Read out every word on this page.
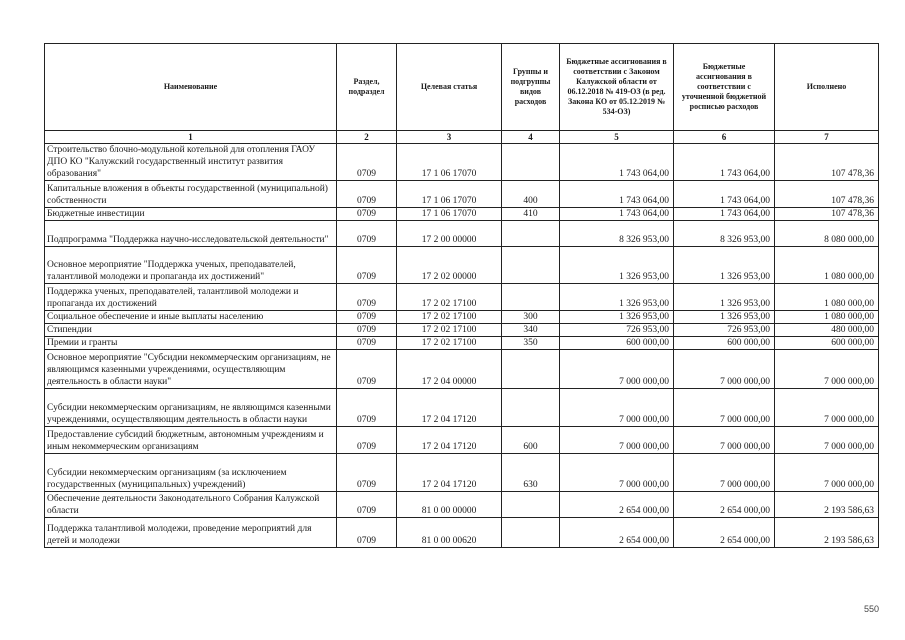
Наименование	Раздел, подраздел	Целевая статья	Группы и подгруппы видов расходов	Бюджетные ассигнования в соответствии с Законом Калужской области от 06.12.2018 № 419-ОЗ (в ред. Закона КО от 05.12.2019 № 534-ОЗ)	Бюджетные ассигнования в соответствии с уточненной бюджетной росписью расходов	Исполнено
1	2	3	4	5	6	7
Строительство блочно-модульной котельной для отопления ГАОУ ДПО КО "Калужский государственный институт развития образования"	0709	17 1 06 17070		1 743 064,00	1 743 064,00	107 478,36
Капитальные вложения в объекты государственной (муниципальной) собственности	0709	17 1 06 17070	400	1 743 064,00	1 743 064,00	107 478,36
Бюджетные инвестиции	0709	17 1 06 17070	410	1 743 064,00	1 743 064,00	107 478,36
Подпрограмма "Поддержка научно-исследовательской деятельности"	0709	17 2 00 00000		8 326 953,00	8 326 953,00	8 080 000,00
Основное мероприятие "Поддержка ученых, преподавателей, талантливой молодежи и пропаганда их достижений"	0709	17 2 02 00000		1 326 953,00	1 326 953,00	1 080 000,00
Поддержка ученых, преподавателей, талантливой молодежи и пропаганда их достижений	0709	17 2 02 17100		1 326 953,00	1 326 953,00	1 080 000,00
Социальное обеспечение и иные выплаты населению	0709	17 2 02 17100	300	1 326 953,00	1 326 953,00	1 080 000,00
Стипендии	0709	17 2 02 17100	340	726 953,00	726 953,00	480 000,00
Премии и гранты	0709	17 2 02 17100	350	600 000,00	600 000,00	600 000,00
Основное мероприятие "Субсидии некоммерческим организациям, не являющимся казенными учреждениями, осуществляющим деятельность в области науки"	0709	17 2 04 00000		7 000 000,00	7 000 000,00	7 000 000,00
Субсидии некоммерческим организациям, не являющимся казенными учреждениями, осуществляющим деятельность в области науки	0709	17 2 04 17120		7 000 000,00	7 000 000,00	7 000 000,00
Предоставление субсидий бюджетным, автономным учреждениям и иным некоммерческим организациям	0709	17 2 04 17120	600	7 000 000,00	7 000 000,00	7 000 000,00
Субсидии некоммерческим организациям (за исключением государственных (муниципальных) учреждений)	0709	17 2 04 17120	630	7 000 000,00	7 000 000,00	7 000 000,00
Обеспечение деятельности Законодательного Собрания Калужской области	0709	81 0 00 00000		2 654 000,00	2 654 000,00	2 193 586,63
Поддержка талантливой молодежи, проведение мероприятий для детей и молодежи	0709	81 0 00 00620		2 654 000,00	2 654 000,00	2 193 586,63
550
